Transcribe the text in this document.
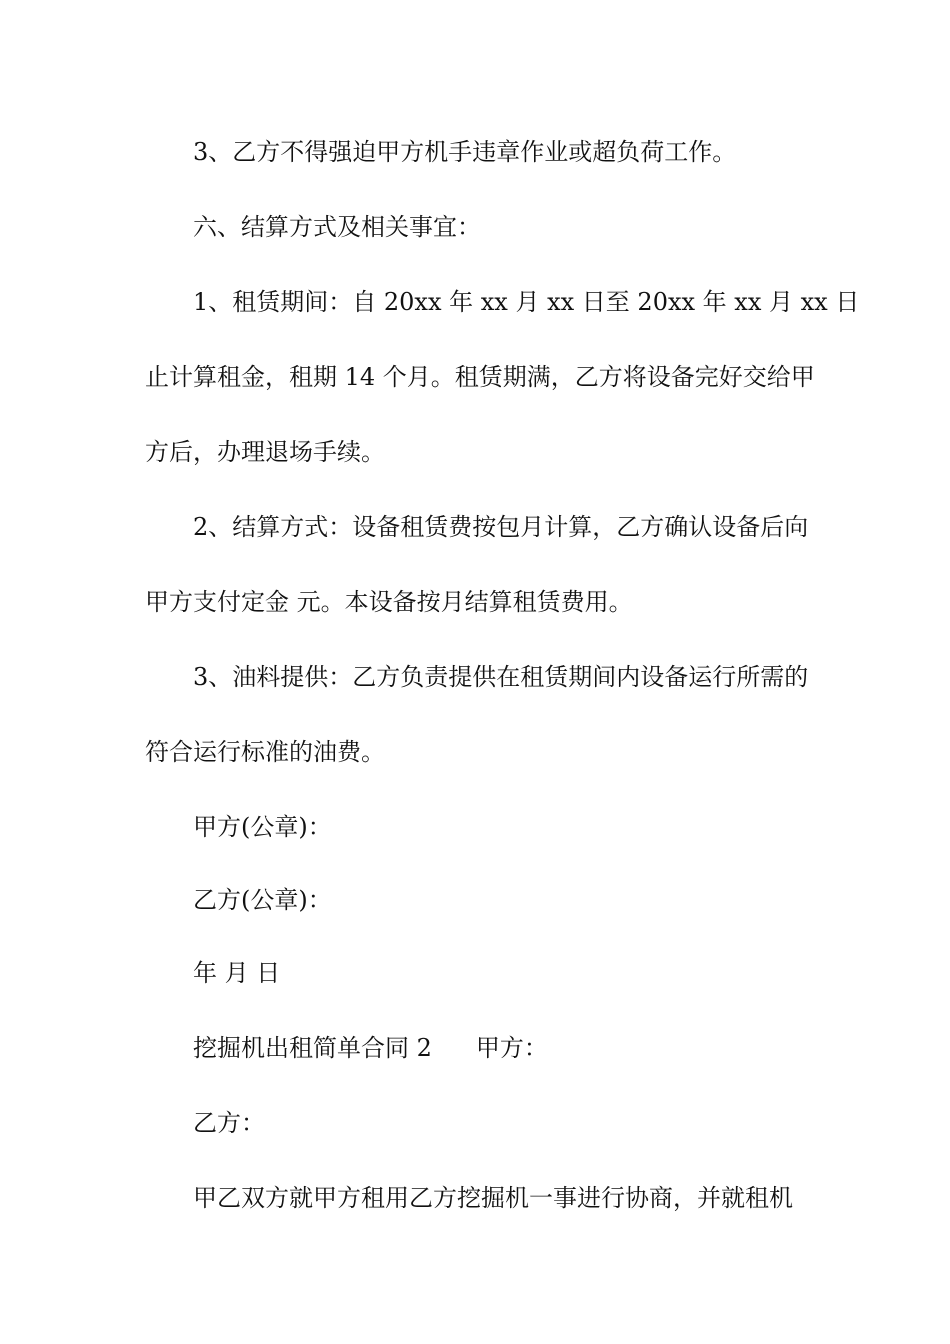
3、乙方不得强迫甲方机手违章作业或超负荷工作。
六、结算方式及相关事宜：
1、租赁期间：自 20xx 年 xx 月 xx 日至 20xx 年 xx 月 xx 日
止计算租金，租期 14 个月。租赁期满，乙方将设备完好交给甲
方后，办理退场手续。
2、结算方式：设备租赁费按包月计算，乙方确认设备后向
甲方支付定金 元。本设备按月结算租赁费用。
3、油料提供：乙方负责提供在租赁期间内设备运行所需的
符合运行标准的油费。
甲方(公章)：
乙方(公章)：
年 月 日
挖掘机出租简单合同 2 甲方：
乙方：
甲乙双方就甲方租用乙方挖掘机一事进行协商，并就租机
